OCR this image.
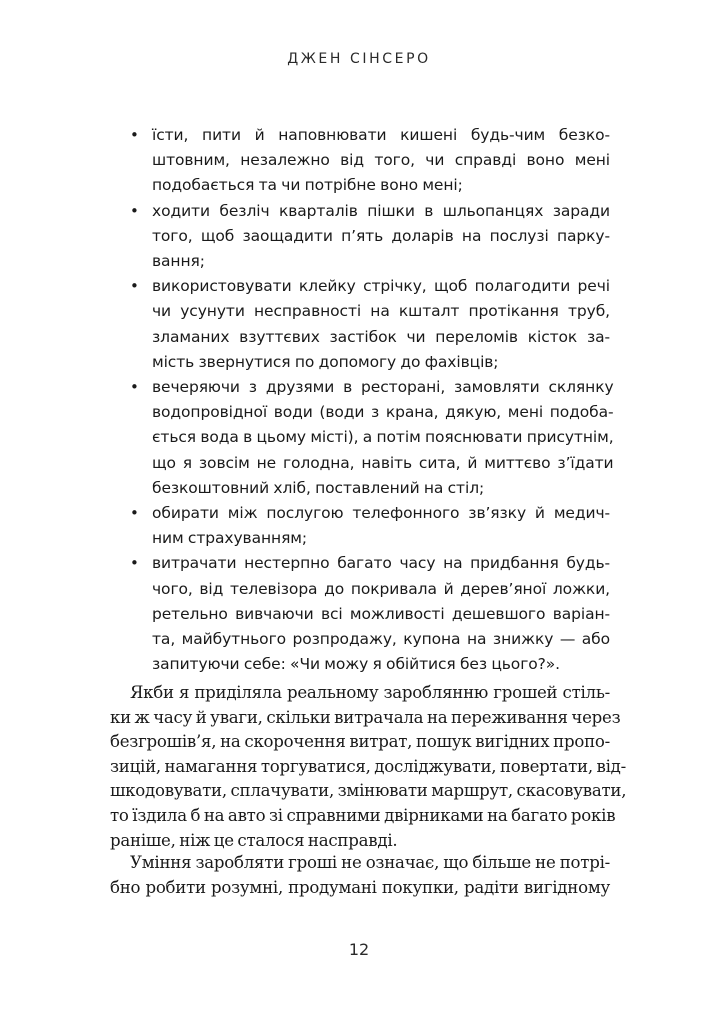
ДЖЕН СІНСЕРО
• їсти, пити й наповнювати кишені будь-чим безко-
штовним, незалежно від того, чи справді воно мені
подобається та чи потрібне воно мені;
• ходити безліч кварталів пішки в шльопанцях заради
того, щоб заощадити п’ять доларів на послузі парку-
вання;
• використовувати клейку стрічку, щоб полагодити речі
чи усунути несправності на кшталт протікання труб,
зламаних взуттєвих застібок чи переломів кісток за-
мість звернутися по допомогу до фахівців;
• вечеряючи з друзями в ресторані, замовляти склянку
водопровідної води (води з крана, дякую, мені подоба-
ється вода в цьому місті), а потім пояснювати присутнім,
що я зовсім не голодна, навіть сита, й миттєво з’їдати
безкоштовний хліб, поставлений на стіл;
• обирати між послугою телефонного зв’язку й медич-
ним страхуванням;
• витрачати нестерпно багато часу на придбання будь-
чого, від телевізора до покривала й дерев’яної ложки,
ретельно вивчаючи всі можливості дешевшого варіан-
та, майбутнього розпродажу, купона на знижку — або
запитуючи себе: «Чи можу я обійтися без цього?».
Якби я приділяла реальному зароблянню грошей стіль-
ки ж часу й уваги, скільки витрачала на переживання через
безгрошів’я, на скорочення витрат, пошук вигідних пропо-
зицій, намагання торгуватися, досліджувати, повертати, від-
шкодовувати, сплачувати, змінювати маршрут, скасовувати,
то їздила б на авто зі справними двірниками на багато років
раніше, ніж це сталося насправді.
Уміння заробляти гроші не означає, що більше не потрі-
бно робити розумні, продумані покупки, радіти вигідному
12
